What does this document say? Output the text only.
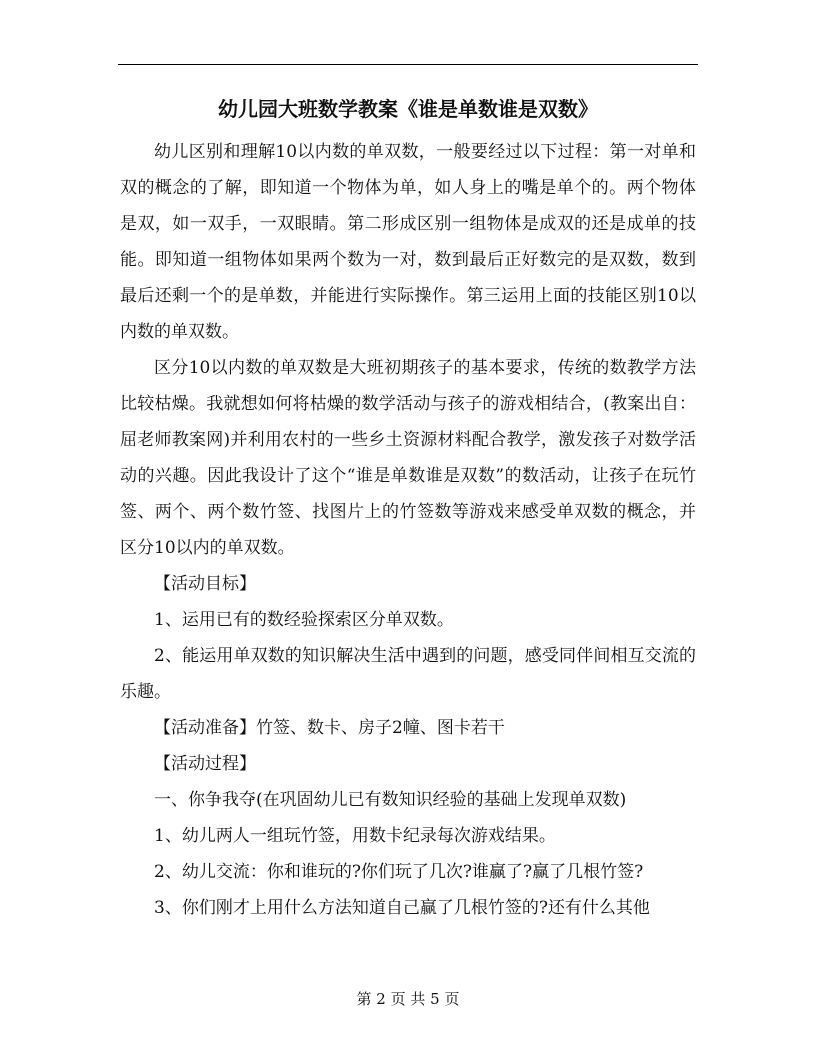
幼儿园大班数学教案《谁是单数谁是双数》

幼儿区别和理解10以内数的单双数，一般要经过以下过程：第一对单和双的概念的了解，即知道一个物体为单，如人身上的嘴是单个的。两个物体是双，如一双手，一双眼睛。第二形成区别一组物体是成双的还是成单的技能。即知道一组物体如果两个数为一对，数到最后正好数完的是双数，数到最后还剩一个的是单数，并能进行实际操作。第三运用上面的技能区别10以内数的单双数。

区分10以内数的单双数是大班初期孩子的基本要求，传统的数教学方法比较枯燥。我就想如何将枯燥的数学活动与孩子的游戏相结合，(教案出自：屈老师教案网)并利用农村的一些乡土资源材料配合教学，激发孩子对数学活动的兴趣。因此我设计了这个“谁是单数谁是双数”的数活动，让孩子在玩竹签、两个、两个数竹签、找图片上的竹签数等游戏来感受单双数的概念，并区分10以内的单双数。

【活动目标】

1、运用已有的数经验探索区分单双数。

2、能运用单双数的知识解决生活中遇到的问题，感受同伴间相互交流的乐趣。

【活动准备】竹签、数卡、房子2幢、图卡若干

【活动过程】

一、你争我夺(在巩固幼儿已有数知识经验的基础上发现单双数)

1、幼儿两人一组玩竹签，用数卡纪录每次游戏结果。

2、幼儿交流：你和谁玩的?你们玩了几次?谁赢了?赢了几根竹签?

3、你们刚才上用什么方法知道自己赢了几根竹签的?还有什么其他

第 2 页 共 5 页
